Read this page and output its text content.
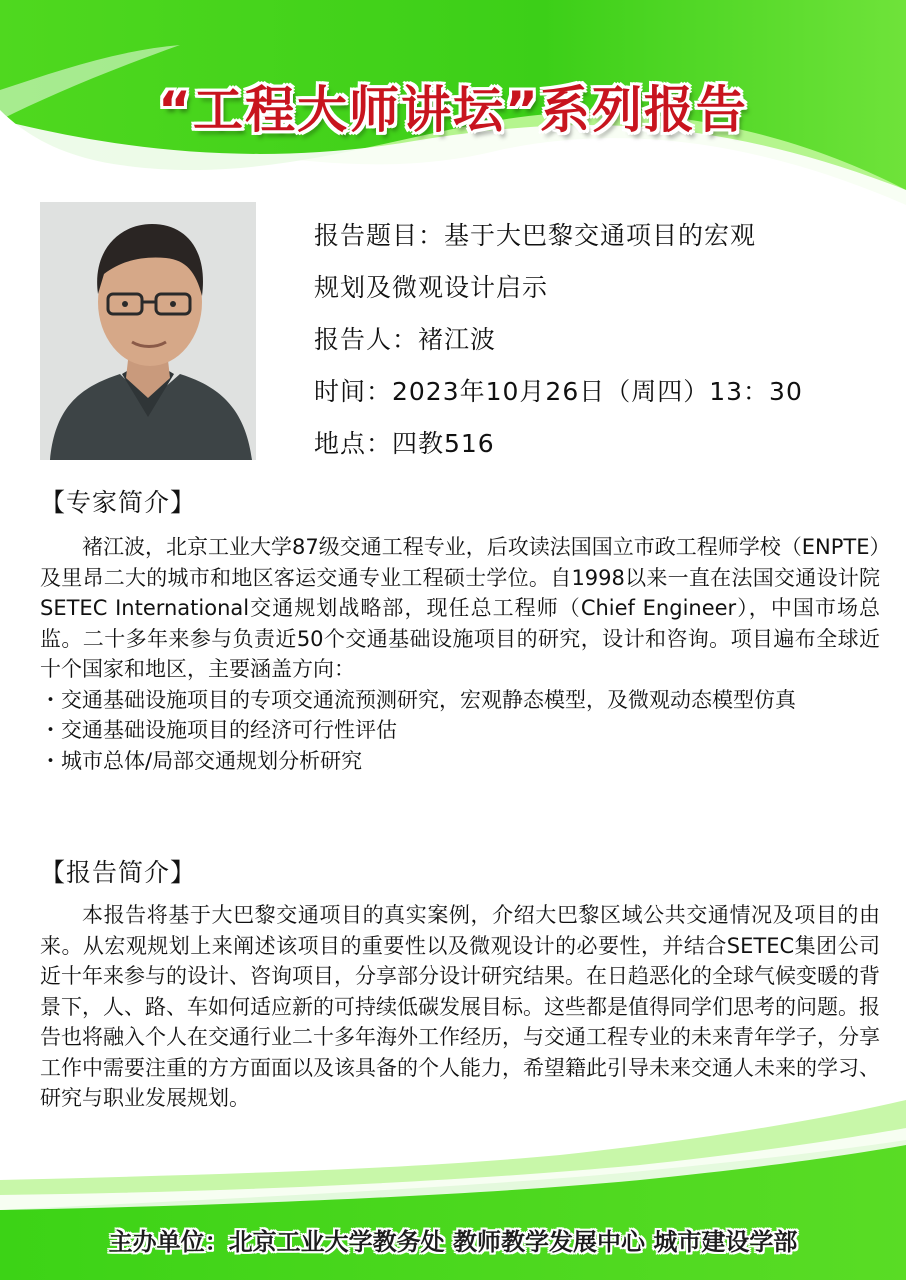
“工程大师讲坛”系列报告
报告题目：基于大巴黎交通项目的宏观
规划及微观设计启示
报告人：褚江波
时间：2023年10月26日（周四）13：30
地点：四教516
【专家简介】

褚江波，北京工业大学87级交通工程专业，后攻读法国国立市政工程师学校（ENPTE）及里昂二大的城市和地区客运交通专业工程硕士学位。自1998以来一直在法国交通设计院SETEC International交通规划战略部，现任总工程师（Chief Engineer），中国市场总监。二十多年来参与负责近50个交通基础设施项目的研究，设计和咨询。项目遍布全球近十个国家和地区，主要涵盖方向：

・交通基础设施项目的专项交通流预测研究，宏观静态模型，及微观动态模型仿真

・交通基础设施项目的经济可行性评估

・城市总体/局部交通规划分析研究

【报告简介】

本报告将基于大巴黎交通项目的真实案例，介绍大巴黎区域公共交通情况及项目的由来。从宏观规划上来阐述该项目的重要性以及微观设计的必要性，并结合SETEC集团公司近十年来参与的设计、咨询项目，分享部分设计研究结果。在日趋恶化的全球气候变暖的背景下，人、路、车如何适应新的可持续低碳发展目标。这些都是值得同学们思考的问题。报告也将融入个人在交通行业二十多年海外工作经历，与交通工程专业的未来青年学子，分享工作中需要注重的方方面面以及该具备的个人能力，希望籍此引导未来交通人未来的学习、研究与职业发展规划。

主办单位：北京工业大学教务处 教师教学发展中心 城市建设学部
